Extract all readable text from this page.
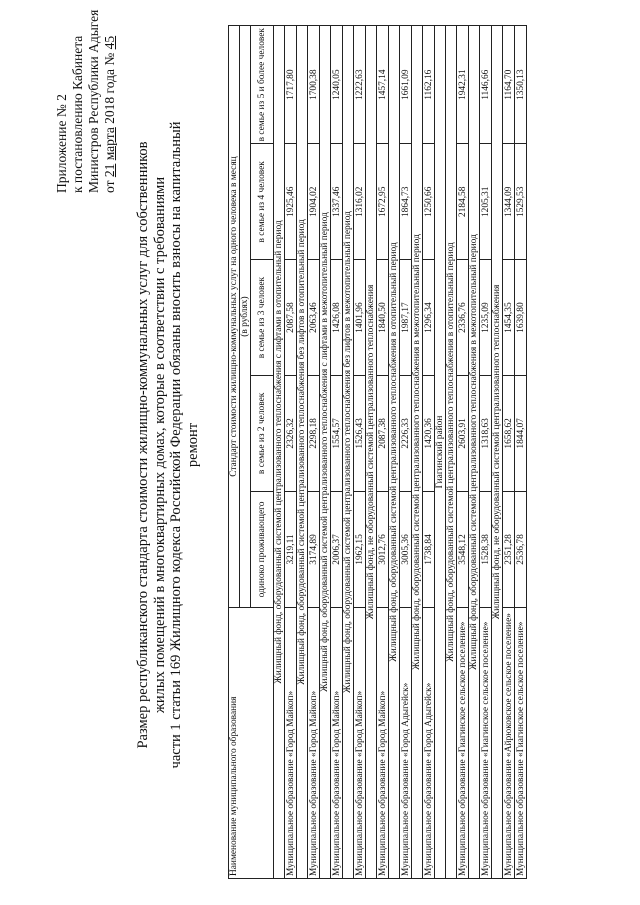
Приложение № 2 к постановлению Кабинета Министров Республики Адыгея от 21 марта 2018 года № 45
Размер республиканского стандарта стоимости жилищно-коммунальных услуг для собственников жилых помещений в многоквартирных домах, которые в соответствии с требованиями части 1 статьи 169 Жилищного кодекса Российской Федерации обязаны вносить взносы на капитальный ремонт
Наименование муниципального образования	Стандарт стоимости жилищно-коммунальных услуг на одного человека в месяц				
	(в рублях)				
	одиноко проживающего	в семье из 2 человек	в семье из 3 человек	в семье из 4 человек	в семье из 5 и более человек
Жилищный фонд, оборудованный системой централизованного теплоснабжения с лифтами в отопительный период					
Муниципальное образование «Город Майкоп»	3219,11	2326,32	2087,58	1925,46	1717,80
Жилищный фонд, оборудованный системой централизованного теплоснабжения без лифтов в отопительный период					
Муниципальное образование «Город Майкоп»	3174,89	2298,18	2063,46	1904,02	1700,38
Жилищный фонд, оборудованный системой централизованного теплоснабжения с лифтами в межотопительный период					
Муниципальное образование «Город Майкоп»	2006,37	1554,57	1426,08	1337,46	1240,05
Жилищный фонд, оборудованный системой централизованного теплоснабжения без лифтов в межотопительный период					
Муниципальное образование «Город Майкоп»	1962,15	1526,43	1401,96	1316,02	1222,63
Жилищный фонд, не оборудованный системой централизованного теплоснабжения					
Муниципальное образование «Город Майкоп»	3012,76	2087,38	1840,50	1672,95	1457,14
Жилищный фонд, оборудованный системой централизованного теплоснабжения в отопительный период					
Муниципальное образование «Город Адыгейск»	3005,36	2226,33	1987,17	1864,73	1661,09
Жилищный фонд, оборудованный системой централизованного теплоснабжения в межотопительный период					
Муниципальное образование «Город Адыгейск»	1738,84	1420,36	1296,34	1250,66	1162,16
Гиагинский район					
Жилищный фонд, оборудованный системой централизованного теплоснабжения в отопительный период					
Муниципальное образование «Гиагинское сельское поселение»	3548,12	2603,91	2336,76	2184,58	1942,31
Жилищный фонд, оборудованный системой централизованного теплоснабжения в межотопительный период					
Муниципальное образование «Гиагинское сельское поселение»	1528,38	1318,63	1235,09	1205,31	1146,66
Жилищный фонд, не оборудованный системой централизованного теплоснабжения					
Муниципальное образование «Айрюковское сельское поселение»	2351,28	1658,62	1454,35	1344,09	1164,70
Муниципальное образование «Гиагинское сельское поселение»	2536,78	1844,07	1639,80	1529,53	1350,13
